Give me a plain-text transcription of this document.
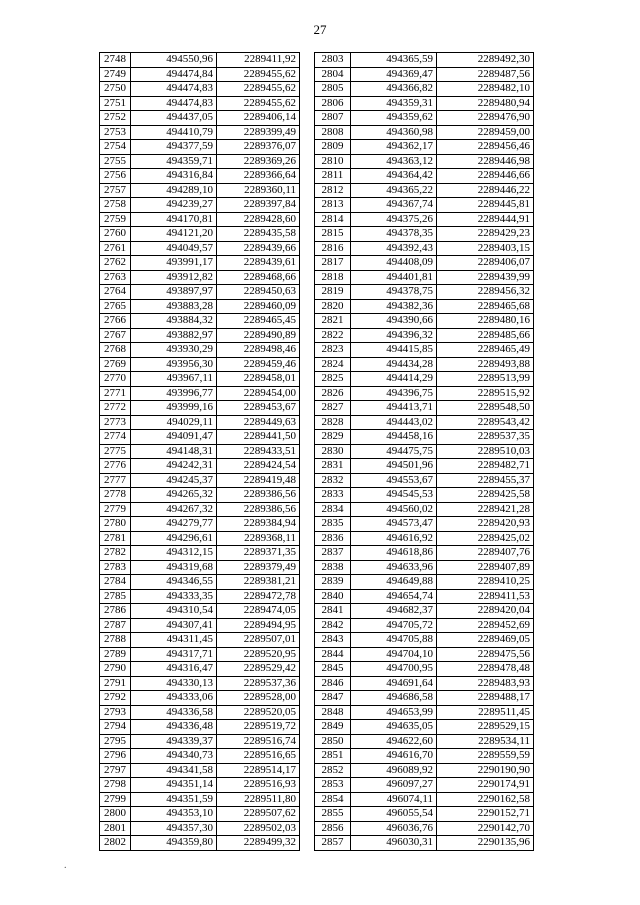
27
2748	494550,96	2289411,92
2749	494474,84	2289455,62
2750	494474,83	2289455,62
2751	494474,83	2289455,62
2752	494437,05	2289406,14
2753	494410,79	2289399,49
2754	494377,59	2289376,07
2755	494359,71	2289369,26
2756	494316,84	2289366,64
2757	494289,10	2289360,11
2758	494239,27	2289397,84
2759	494170,81	2289428,60
2760	494121,20	2289435,58
2761	494049,57	2289439,66
2762	493991,17	2289439,61
2763	493912,82	2289468,66
2764	493897,97	2289450,63
2765	493883,28	2289460,09
2766	493884,32	2289465,45
2767	493882,97	2289490,89
2768	493930,29	2289498,46
2769	493956,30	2289459,46
2770	493967,11	2289458,01
2771	493996,77	2289454,00
2772	493999,16	2289453,67
2773	494029,11	2289449,63
2774	494091,47	2289441,50
2775	494148,31	2289433,51
2776	494242,31	2289424,54
2777	494245,37	2289419,48
2778	494265,32	2289386,56
2779	494267,32	2289386,56
2780	494279,77	2289384,94
2781	494296,61	2289368,11
2782	494312,15	2289371,35
2783	494319,68	2289379,49
2784	494346,55	2289381,21
2785	494333,35	2289472,78
2786	494310,54	2289474,05
2787	494307,41	2289494,95
2788	494311,45	2289507,01
2789	494317,71	2289520,95
2790	494316,47	2289529,42
2791	494330,13	2289537,36
2792	494333,06	2289528,00
2793	494336,58	2289520,05
2794	494336,48	2289519,72
2795	494339,37	2289516,74
2796	494340,73	2289516,65
2797	494341,58	2289514,17
2798	494351,14	2289516,93
2799	494351,59	2289511,80
2800	494353,10	2289507,62
2801	494357,30	2289502,03
2802	494359,80	2289499,32
2803	494365,59	2289492,30
2804	494369,47	2289487,56
2805	494366,82	2289482,10
2806	494359,31	2289480,94
2807	494359,62	2289476,90
2808	494360,98	2289459,00
2809	494362,17	2289456,46
2810	494363,12	2289446,98
2811	494364,42	2289446,66
2812	494365,22	2289446,22
2813	494367,74	2289445,81
2814	494375,26	2289444,91
2815	494378,35	2289429,23
2816	494392,43	2289403,15
2817	494408,09	2289406,07
2818	494401,81	2289439,99
2819	494378,75	2289456,32
2820	494382,36	2289465,68
2821	494390,66	2289480,16
2822	494396,32	2289485,66
2823	494415,85	2289465,49
2824	494434,28	2289493,88
2825	494414,29	2289513,99
2826	494396,75	2289515,92
2827	494413,71	2289548,50
2828	494443,02	2289543,42
2829	494458,16	2289537,35
2830	494475,75	2289510,03
2831	494501,96	2289482,71
2832	494553,67	2289455,37
2833	494545,53	2289425,58
2834	494560,02	2289421,28
2835	494573,47	2289420,93
2836	494616,92	2289425,02
2837	494618,86	2289407,76
2838	494633,96	2289407,89
2839	494649,88	2289410,25
2840	494654,74	2289411,53
2841	494682,37	2289420,04
2842	494705,72	2289452,69
2843	494705,88	2289469,05
2844	494704,10	2289475,56
2845	494700,95	2289478,48
2846	494691,64	2289483,93
2847	494686,58	2289488,17
2848	494653,99	2289511,45
2849	494635,05	2289529,15
2850	494622,60	2289534,11
2851	494616,70	2289559,59
2852	496089,92	2290190,90
2853	496097,27	2290174,91
2854	496074,11	2290162,58
2855	496055,54	2290152,71
2856	496036,76	2290142,70
2857	496030,31	2290135,96
.
